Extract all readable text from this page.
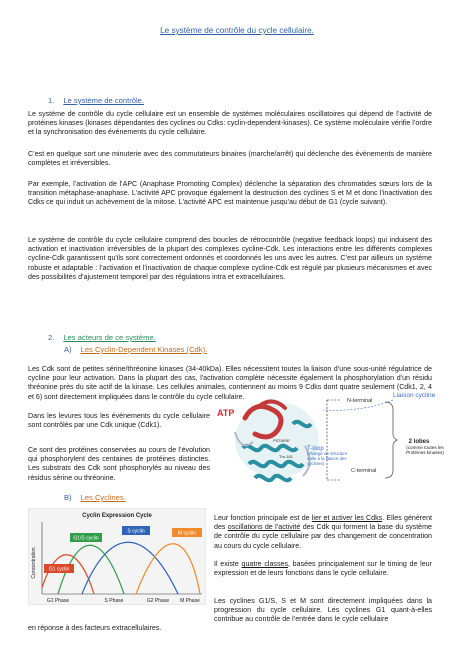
Le système de contrôle du cycle cellulaire.
1. Le système de contrôle.

Le système de contrôle du cycle cellulaire est un ensemble de systèmes moléculaires oscillatoires qui dépend de l’activité de protéines kinases (kinases dépendantes des cyclines ou Cdks: cyclin-dependent-kinases). Ce système moléculaire vérifie l’ordre et la synchronisation des événements du cycle cellulaire.

C’est en quelque sort une minuterie avec des commutateurs binaires (marche/arrêt) qui déclenche des évènements de manière complètes et irréversibles.

Par exemple, l’activation de l’APC (Anaphase Promoting Complex) déclenche la séparation des chromatides sœurs lors de la transition métaphase-anaphase. L'activité APC provoque également la destruction des cyclines S et M et donc l'inactivation des Cdks ce qui induit un achèvement de la mitose. L'activité APC est maintenue jusqu'au début de G1 (cycle suivant).

Le système de contrôle du cycle cellulaire comprend des boucles de rétrocontrôle (negative feedback loops) qui induisent des activation et inactivation irréversibles de la plupart des complexes cycline-Cdk. Les interactions entre les différents complexes cycline-Cdk garantissent qu'ils sont correctement ordonnés et coordonnés les uns avec les autres. C’est par ailleurs un système robuste et adaptable : l’activation et l’inactivation de chaque complexe cycline-Cdk est régulé par plusieurs mécanismes et avec des possibilités d’ajustement temporel par des régulations intra et extracellulaires.

2. Les acteurs de ce système.
A) Les Cyclin-Dependent Kinases (Cdk).

Les Cdk sont de petites sérine/thréonine kinases (34-40kDa). Elles nécessitent toutes la liaison d’une sous-unité régulatrice de cycline pour leur activation. Dans la plupart des cas, l'activation complète nécessite également la phosphorylation d'un résidu thréonine près du site actif de la kinase. Les cellules animales, contiennent au moins 9 Cdks dont quatre seulement (Cdk1, 2, 4 et 6) sont directement impliquées dans le contrôle du cycle cellulaire.

Dans les levures tous les événements du cycle cellulaire sont contrôlés par une Cdk unique (Cdk1).

Ce sont des protéines conservées au cours de l’évolution qui phosphorylent des centaines de protéines distinctes. Les substrats des Cdk sont phosphorylés au niveau des résidus sérine ou thréonine.

ATP
PSTAIRE
Thr-161
T-loop
(change de structure suite à la liaison des cyclines)
N-terminal
C-terminal
2 lobes
(comme toutes les Protéines kinases)
Liaison cycline
B) Les Cyclines.
Cyclin Expression Cycle
Concentration G1 cyclin
G1/S cyclin
S cyclin	M cyclin
G1 Phase	S Phase	G2 Phase M Phase

Leur fonction principale est de lier et activer les Cdks. Elles génèrent des oscillations de l’activité des Cdk qui forment la base du système de contrôle du cycle cellulaire par des changement de concentration au cours du cycle cellulaire.

Il existe quatre classes, basées principalement sur le timing de leur expression et de leurs fonctions dans le cycle cellulaire.

Les cyclines G1/S, S et M sont directement impliquées dans la progression du cycle cellulaire. Les cyclines G1 quant-à-elles contribue au contrôle de l’entrée dans le cycle cellulaire

en réponse à des facteurs extracellulaires.
